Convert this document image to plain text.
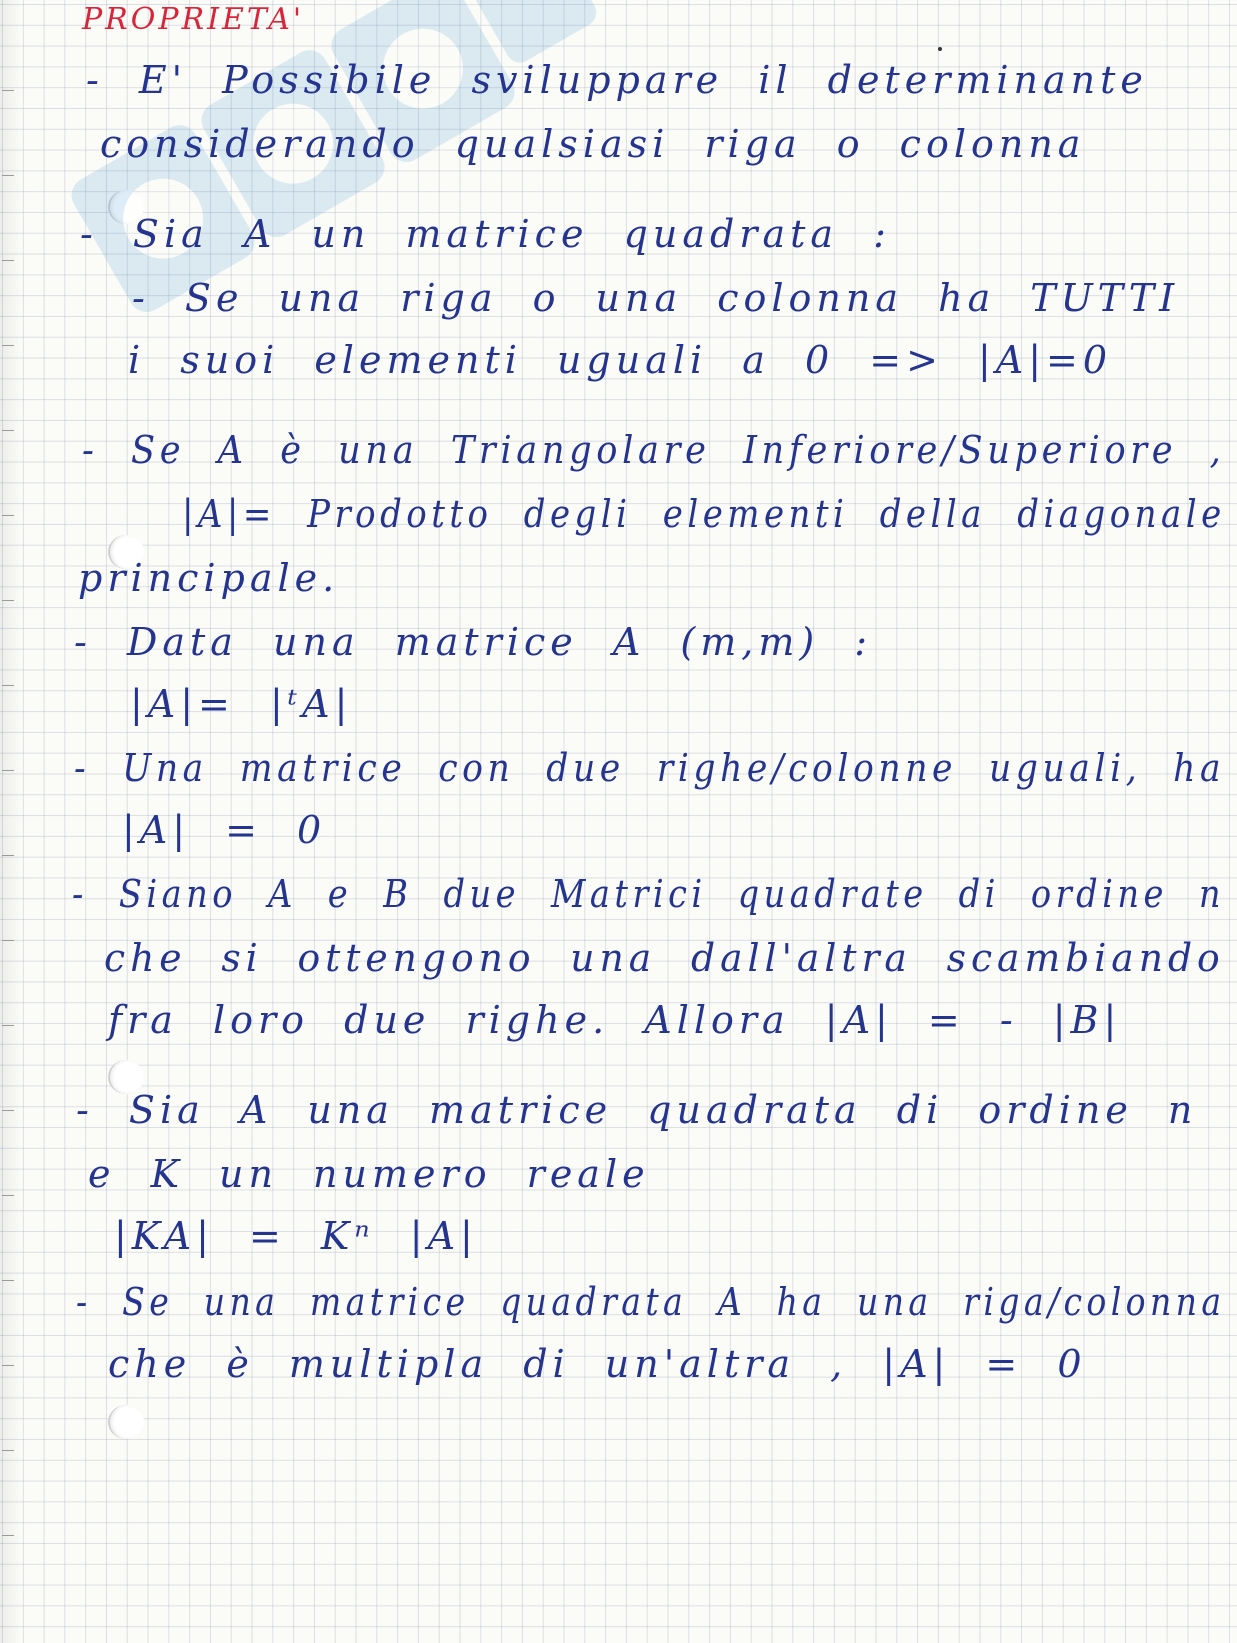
PROPRIETA'
- E' Possibile sviluppare il determinante
considerando qualsiasi riga o colonna
- Sia A un matrice quadrata :
- Se una riga o una colonna ha TUTTI
i suoi elementi uguali a 0 => |A|=0
- Se A è una Triangolare Inferiore/Superiore ,
|A|= Prodotto degli elementi della diagonale
principale.
- Data una matrice A (m,m) :
|A|= |ᵗA|
- Una matrice con due righe/colonne uguali, ha
|A| = 0
- Siano A e B due Matrici quadrate di ordine n
che si ottengono una dall'altra scambiando
fra loro due righe. Allora |A| = - |B|
- Sia A una matrice quadrata di ordine n
e K un numero reale
|KA| = Kⁿ |A|
- Se una matrice quadrata A ha una riga/colonna
che è multipla di un'altra , |A| = 0
